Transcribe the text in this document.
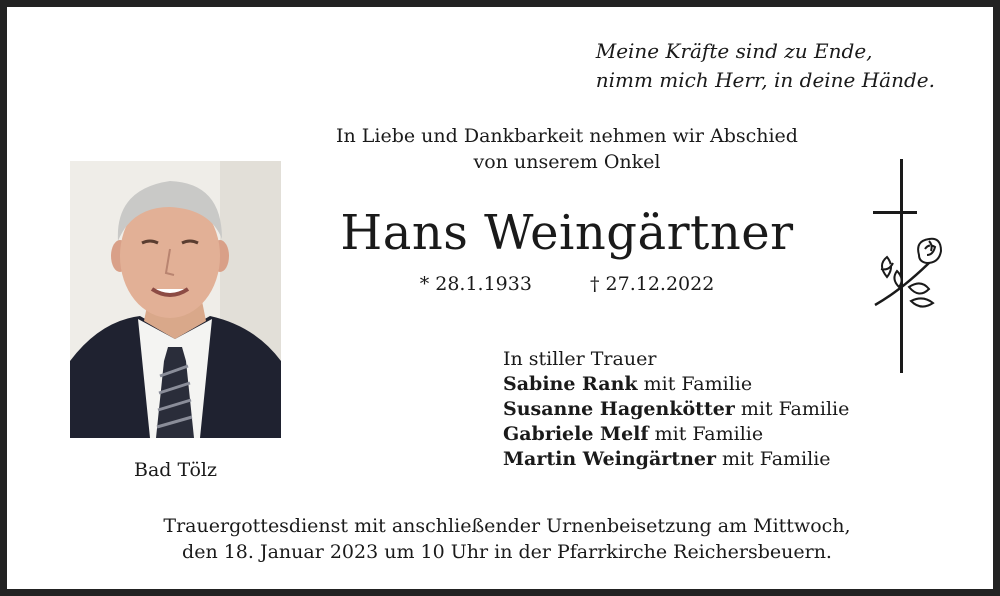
Meine Kräfte sind zu Ende,
nimm mich Herr, in deine Hände.
In Liebe und Dankbarkeit nehmen wir Abschied
von unserem Onkel
Hans Weingärtner
* 28.1.1933	† 27.12.2022
Bad Tölz
In stiller Trauer
Sabine Rank mit Familie
Susanne Hagenkötter mit Familie
Gabriele Melf mit Familie
Martin Weingärtner mit Familie
Trauergottesdienst mit anschließender Urnenbeisetzung am Mittwoch,
den 18. Januar 2023 um 10 Uhr in der Pfarrkirche Reichersbeuern.
